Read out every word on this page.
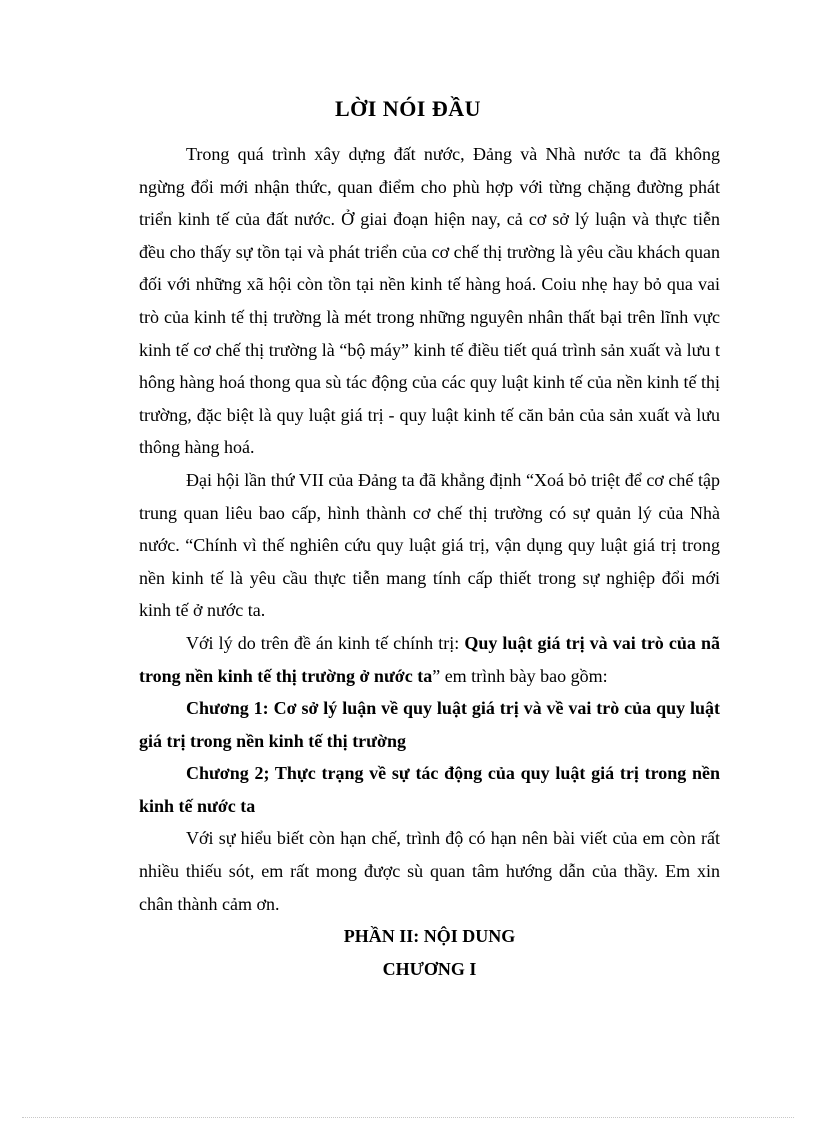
LỜI NÓI ĐẦU

Trong quá trình xây dựng đất nước, Đảng và Nhà nước ta đã không ngừng đổi mới nhận thức, quan điểm cho phù hợp với từng chặng đường phát triển kinh tế của đất nước. Ở giai đoạn hiện nay, cả cơ sở lý luận và thực tiễn đều cho thấy sự tồn tại và phát triển của cơ chế thị trường là yêu cầu khách quan đối với những xã hội còn tồn tại nền kinh tế hàng hoá. Coiu nhẹ hay bỏ qua vai trò của kinh tế thị trường là mét trong những nguyên nhân thất bại trên lĩnh vực kinh tế cơ chế thị trường là “bộ máy” kinh tế điều tiết quá trình sản xuất và lưu t hông hàng hoá thong qua sù tác động của các quy luật kinh tế của nền kinh tế thị trường, đặc biệt là quy luật giá trị - quy luật kinh tế căn bản của sản xuất và lưu thông hàng hoá.

Đại hội lần thứ VII của Đảng ta đã khẳng định “Xoá bỏ triệt để cơ chế tập trung quan liêu bao cấp, hình thành cơ chế thị trường có sự quản lý của Nhà nước. “Chính vì thế nghiên cứu quy luật giá trị, vận dụng quy luật giá trị trong nền kinh tế là yêu cầu thực tiễn mang tính cấp thiết trong sự nghiệp đổi mới kinh tế ở nước ta.

Với lý do trên đề án kinh tế chính trị: Quy luật giá trị và vai trò của nã trong nền kinh tế thị trường ở nước ta” em trình bày bao gồm:

Chương 1: Cơ sở lý luận về quy luật giá trị và về vai trò của quy luật giá trị trong nền kinh tế thị trường

Chương 2; Thực trạng về sự tác động của quy luật giá trị trong nền kinh tế nước ta

Với sự hiểu biết còn hạn chế, trình độ có hạn nên bài viết của em còn rất nhiều thiếu sót, em rất mong được sù quan tâm hướng dẫn của thầy. Em xin chân thành cảm ơn.

PHẦN II: NỘI DUNG

CHƯƠNG I
